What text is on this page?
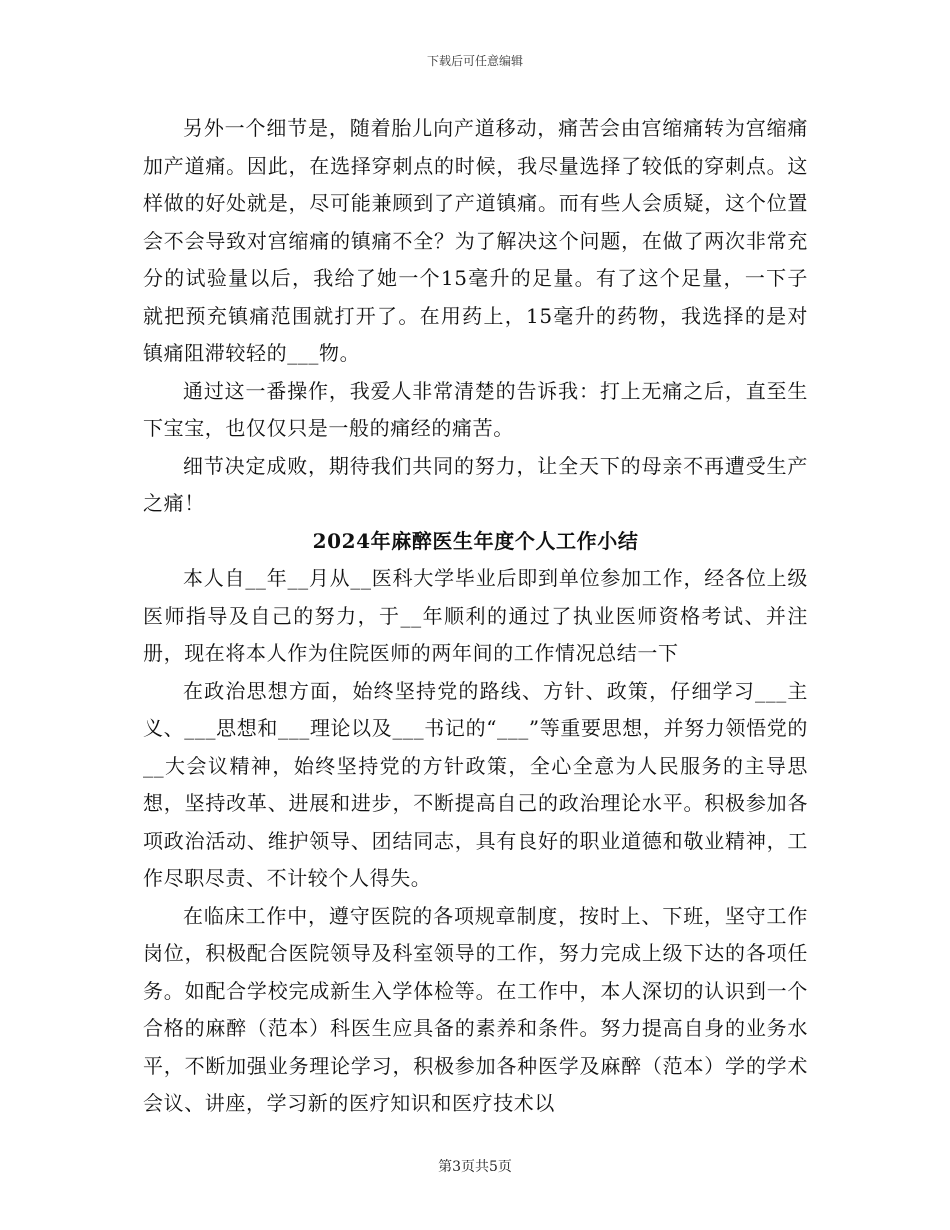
下载后可任意编辑

另外一个细节是，随着胎儿向产道移动，痛苦会由宫缩痛转为宫缩痛加产道痛。因此，在选择穿刺点的时候，我尽量选择了较低的穿刺点。这样做的好处就是，尽可能兼顾到了产道镇痛。而有些人会质疑，这个位置会不会导致对宫缩痛的镇痛不全？为了解决这个问题，在做了两次非常充分的试验量以后，我给了她一个15毫升的足量。有了这个足量，一下子就把预充镇痛范围就打开了。在用药上，15毫升的药物，我选择的是对镇痛阻滞较轻的___物。

通过这一番操作，我爱人非常清楚的告诉我：打上无痛之后，直至生下宝宝，也仅仅只是一般的痛经的痛苦。

细节决定成败，期待我们共同的努力，让全天下的母亲不再遭受生产之痛！

2024年麻醉医生年度个人工作小结

本人自__年__月从__医科大学毕业后即到单位参加工作，经各位上级医师指导及自己的努力，于__年顺利的通过了执业医师资格考试、并注册，现在将本人作为住院医师的两年间的工作情况总结一下

在政治思想方面，始终坚持党的路线、方针、政策，仔细学习___主义、___思想和___理论以及___书记的“___”等重要思想，并努力领悟党的__大会议精神，始终坚持党的方针政策，全心全意为人民服务的主导思想，坚持改革、进展和进步，不断提高自己的政治理论水平。积极参加各项政治活动、维护领导、团结同志，具有良好的职业道德和敬业精神，工作尽职尽责、不计较个人得失。

在临床工作中，遵守医院的各项规章制度，按时上、下班，坚守工作岗位，积极配合医院领导及科室领导的工作，努力完成上级下达的各项任务。如配合学校完成新生入学体检等。在工作中，本人深切的认识到一个合格的麻醉（范本）科医生应具备的素养和条件。努力提高自身的业务水平，不断加强业务理论学习，积极参加各种医学及麻醉（范本）学的学术会议、讲座，学习新的医疗知识和医疗技术以

第3页共5页
